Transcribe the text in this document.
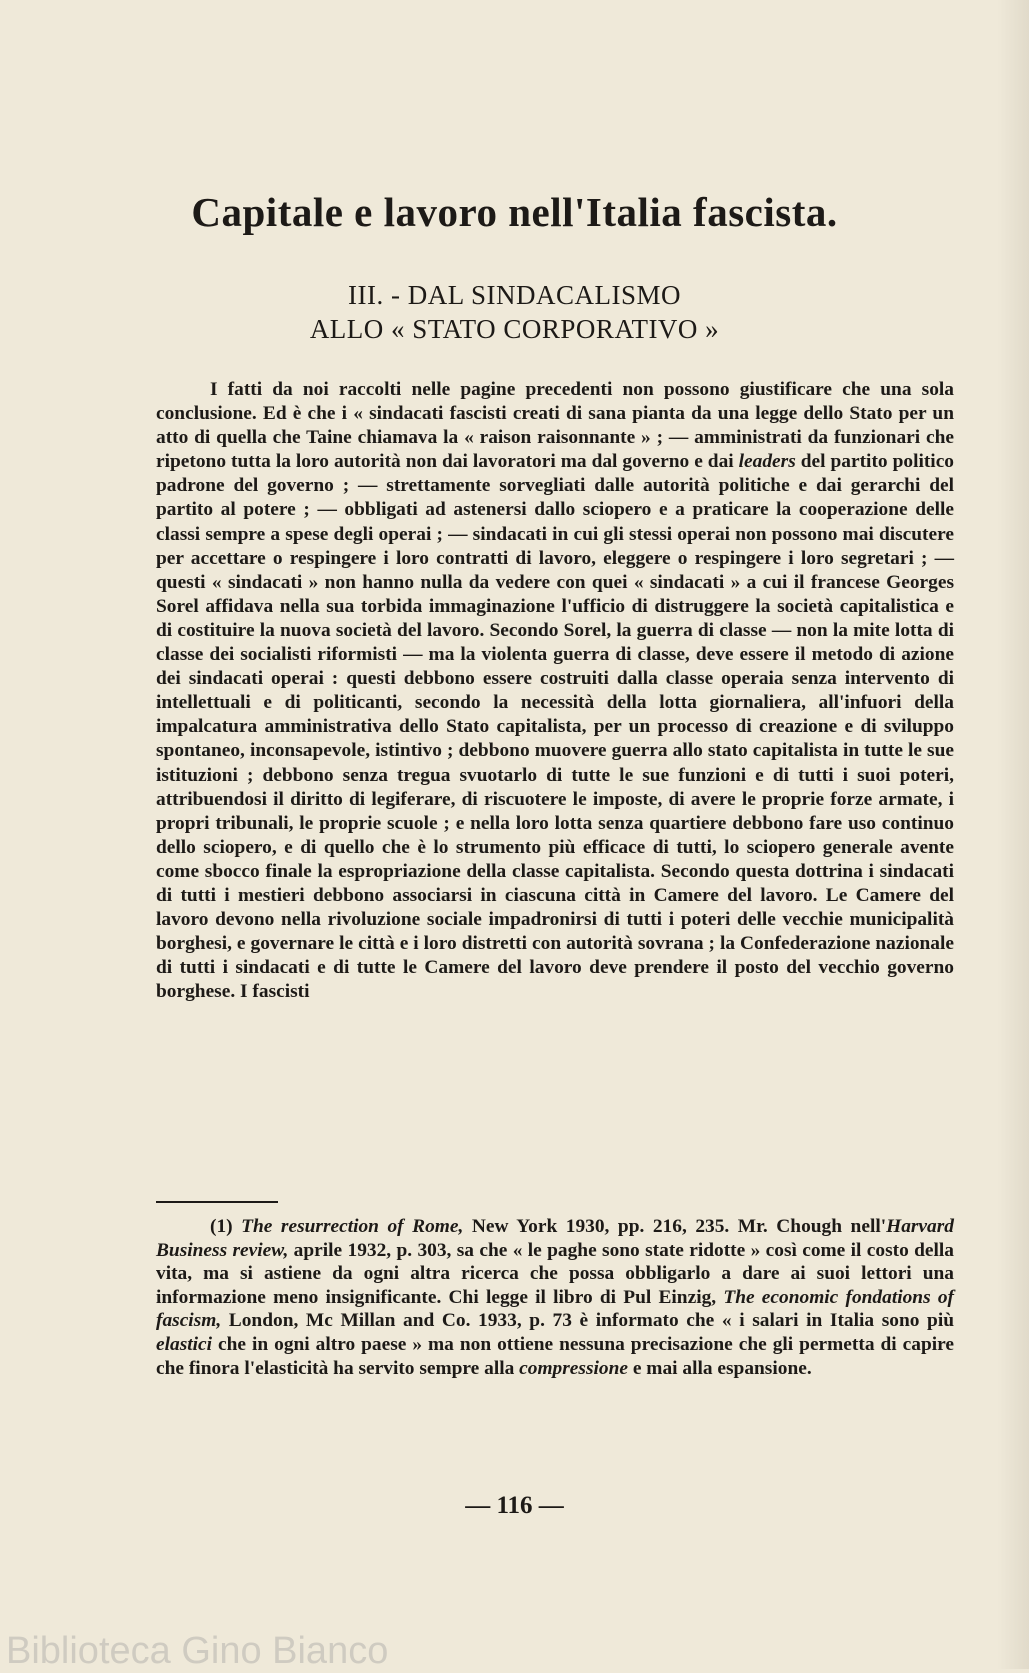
Capitale e lavoro nell'Italia fascista.
III. - DAL SINDACALISMO
ALLO « STATO CORPORATIVO »

I fatti da noi raccolti nelle pagine precedenti non possono giustificare che una sola conclusione. Ed è che i « sindacati fascisti creati di sana pianta da una legge dello Stato per un atto di quella che Taine chiamava la « raison raisonnante » ; — amministrati da funzionari che ripetono tutta la loro autorità non dai lavoratori ma dal governo e dai leaders del partito politico padrone del governo ; — strettamente sorvegliati dalle autorità politiche e dai gerarchi del partito al potere ; — obbligati ad astenersi dallo sciopero e a praticare la cooperazione delle classi sempre a spese degli operai ; — sindacati in cui gli stessi operai non possono mai discutere per accettare o respingere i loro contratti di lavoro, eleggere o respingere i loro segretari ; — questi « sindacati » non hanno nulla da vedere con quei « sindacati » a cui il francese Georges Sorel affidava nella sua torbida immaginazione l'ufficio di distruggere la società capitalistica e di costituire la nuova società del lavoro. Secondo Sorel, la guerra di classe — non la mite lotta di classe dei socialisti riformisti — ma la violenta guerra di classe, deve essere il metodo di azione dei sindacati operai : questi debbono essere costruiti dalla classe operaia senza intervento di intellettuali e di politicanti, secondo la necessità della lotta giornaliera, all'infuori della impalcatura amministrativa dello Stato capitalista, per un processo di creazione e di sviluppo spontaneo, inconsapevole, istintivo ; debbono muovere guerra allo stato capitalista in tutte le sue istituzioni ; debbono senza tregua svuotarlo di tutte le sue funzioni e di tutti i suoi poteri, attribuendosi il diritto di legiferare, di riscuotere le imposte, di avere le proprie forze armate, i propri tribunali, le proprie scuole ; e nella loro lotta senza quartiere debbono fare uso continuo dello sciopero, e di quello che è lo strumento più efficace di tutti, lo sciopero generale avente come sbocco finale la espropriazione della classe capitalista. Secondo questa dottrina i sindacati di tutti i mestieri debbono associarsi in ciascuna città in Camere del lavoro. Le Camere del lavoro devono nella rivoluzione sociale impadronirsi di tutti i poteri delle vecchie municipalità borghesi, e governare le città e i loro distretti con autorità sovrana ; la Confederazione nazionale di tutti i sindacati e di tutte le Camere del lavoro deve prendere il posto del vecchio governo borghese. I fascisti

(1) The resurrection of Rome, New York 1930, pp. 216, 235. Mr. Chough nell'Harvard Business review, aprile 1932, p. 303, sa che « le paghe sono state ridotte » così come il costo della vita, ma si astiene da ogni altra ricerca che possa obbligarlo a dare ai suoi lettori una informazione meno insignificante. Chi legge il libro di Pul Einzig, The economic fondations of fascism, London, Mc Millan and Co. 1933, p. 73 è informato che « i salari in Italia sono più elastici che in ogni altro paese » ma non ottiene nessuna precisazione che gli permetta di capire che finora l'elasticità ha servito sempre alla compressione e mai alla espansione.

— 116 —
Biblioteca Gino Bianco
